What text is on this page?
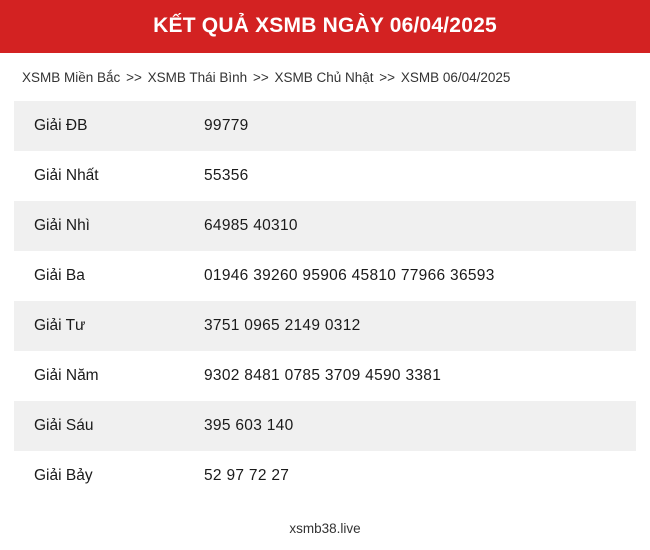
KẾT QUẢ XSMB NGÀY 06/04/2025
XSMB Miền Bắc >> XSMB Thái Bình >> XSMB Chủ Nhật >> XSMB 06/04/2025
Giải ĐB	99779
Giải Nhất	55356
Giải Nhì	64985 40310
Giải Ba	01946 39260 95906 45810 77966 36593
Giải Tư	3751 0965 2149 0312
Giải Năm	9302 8481 0785 3709 4590 3381
Giải Sáu	395 603 140
Giải Bảy	52 97 72 27
xsmb38.live
